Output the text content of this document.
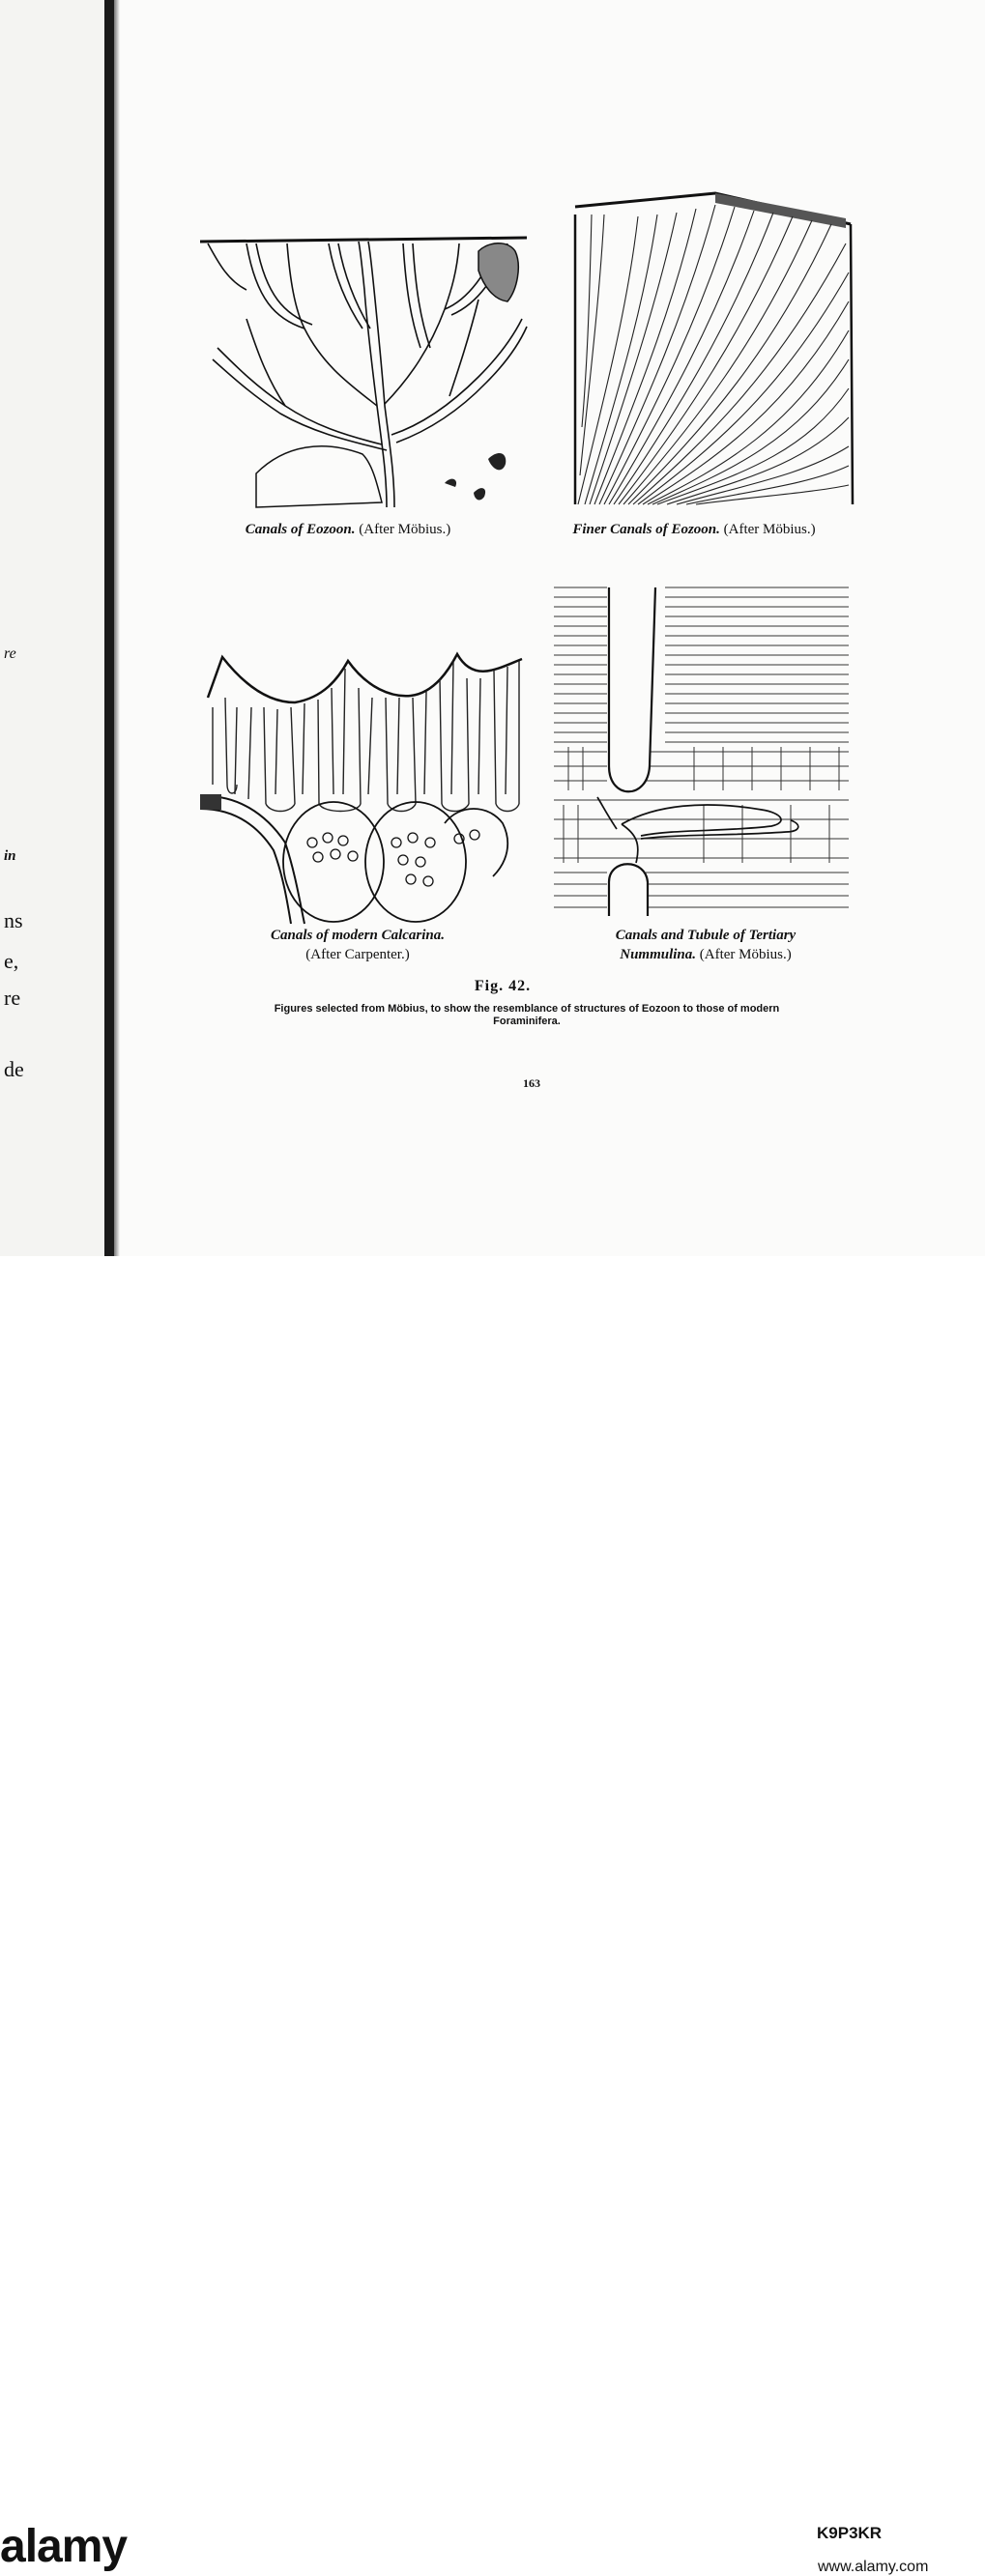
re
in
ns
e,
re
de
Canals of Eozoon. (After Möbius.)	Finer Canals of Eozoon. (After Möbius.)
Canals of modern Calcarina.
(After Carpenter.)
Canals and Tubule of Tertiary
Nummulina. (After Möbius.)
Fig. 42.
Figures selected from Möbius, to show the resemblance of structures of Eozoon to those of modern
Foraminifera.
163
alamy	K9P3KR
www.alamy.com
